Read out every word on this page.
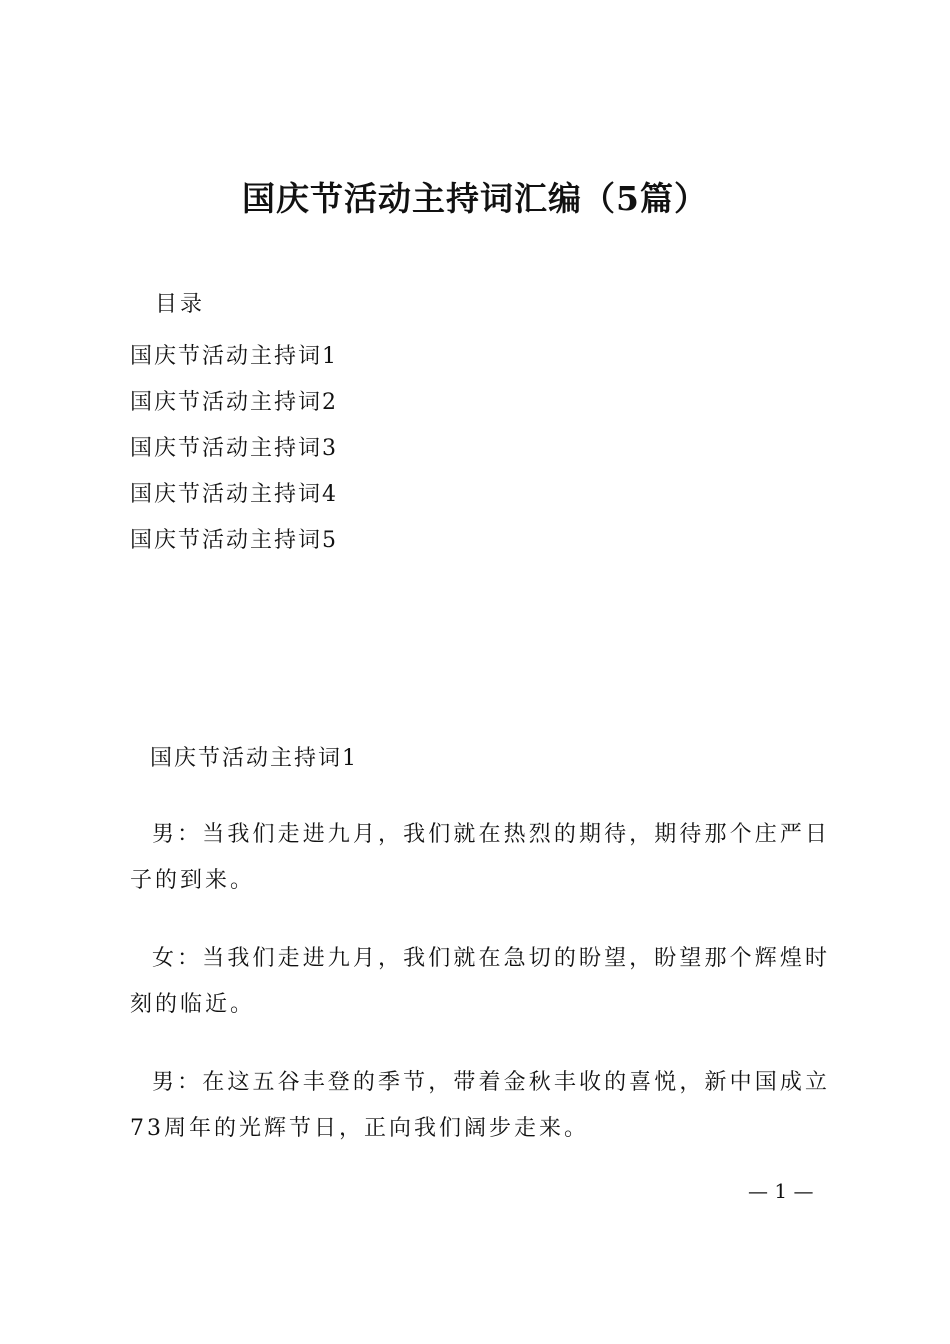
国庆节活动主持词汇编（5篇）
目录
国庆节活动主持词1
国庆节活动主持词2
国庆节活动主持词3
国庆节活动主持词4
国庆节活动主持词5
国庆节活动主持词1

男：当我们走进九月，我们就在热烈的期待，期待那个庄严日子的到来。

女：当我们走进九月，我们就在急切的盼望，盼望那个辉煌时刻的临近。

男：在这五谷丰登的季节，带着金秋丰收的喜悦，新中国成立73周年的光辉节日，正向我们阔步走来。

— 1 —
